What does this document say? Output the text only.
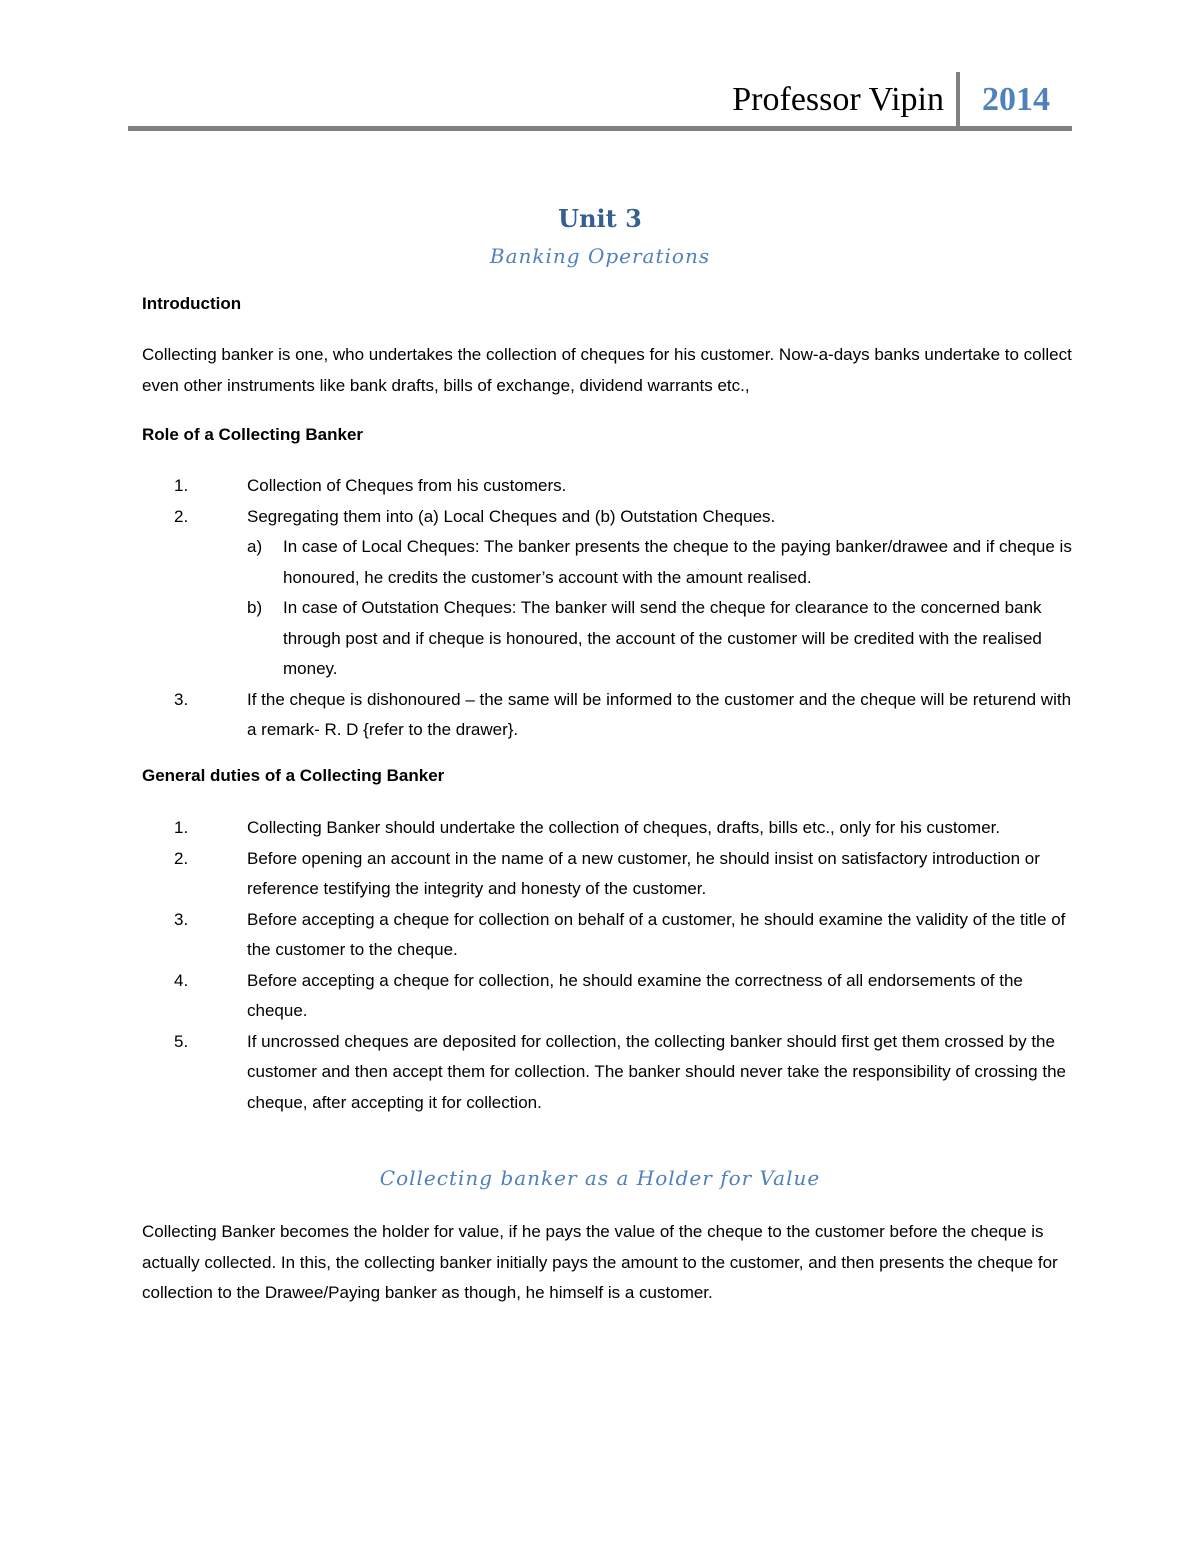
Professor Vipin 2014
Unit 3
Banking Operations
Introduction
Collecting banker is one, who undertakes the collection of cheques for his customer. Now-a-days banks undertake to collect even other instruments like bank drafts, bills of exchange, dividend warrants etc.,
Role of a Collecting Banker
1.	Collection of Cheques from his customers.
2.	Segregating them into (a) Local Cheques and (b) Outstation Cheques.
a) In case of Local Cheques: The banker presents the cheque to the paying banker/drawee and if cheque is honoured, he credits the customer’s account with the amount realised.
b) In case of Outstation Cheques: The banker will send the cheque for clearance to the concerned bank through post and if cheque is honoured, the account of the customer will be credited with the realised money.
3.	If the cheque is dishonoured – the same will be informed to the customer and the cheque will be returend with a remark- R. D {refer to the drawer}.
General duties of a Collecting Banker
1.	Collecting Banker should undertake the collection of cheques, drafts, bills etc., only for his customer.
2.	Before opening an account in the name of a new customer, he should insist on satisfactory introduction or reference testifying the integrity and honesty of the customer.
3.	Before accepting a cheque for collection on behalf of a customer, he should examine the validity of the title of the customer to the cheque.
4.	Before accepting a cheque for collection, he should examine the correctness of all endorsements of the cheque.
5.	If uncrossed cheques are deposited for collection, the collecting banker should first get them crossed by the customer and then accept them for collection. The banker should never take the responsibility of crossing the cheque, after accepting it for collection.
Collecting banker as a Holder for Value
Collecting Banker becomes the holder for value, if he pays the value of the cheque to the customer before the cheque is actually collected. In this, the collecting banker initially pays the amount to the customer, and then presents the cheque for collection to the Drawee/Paying banker as though, he himself is a customer.
